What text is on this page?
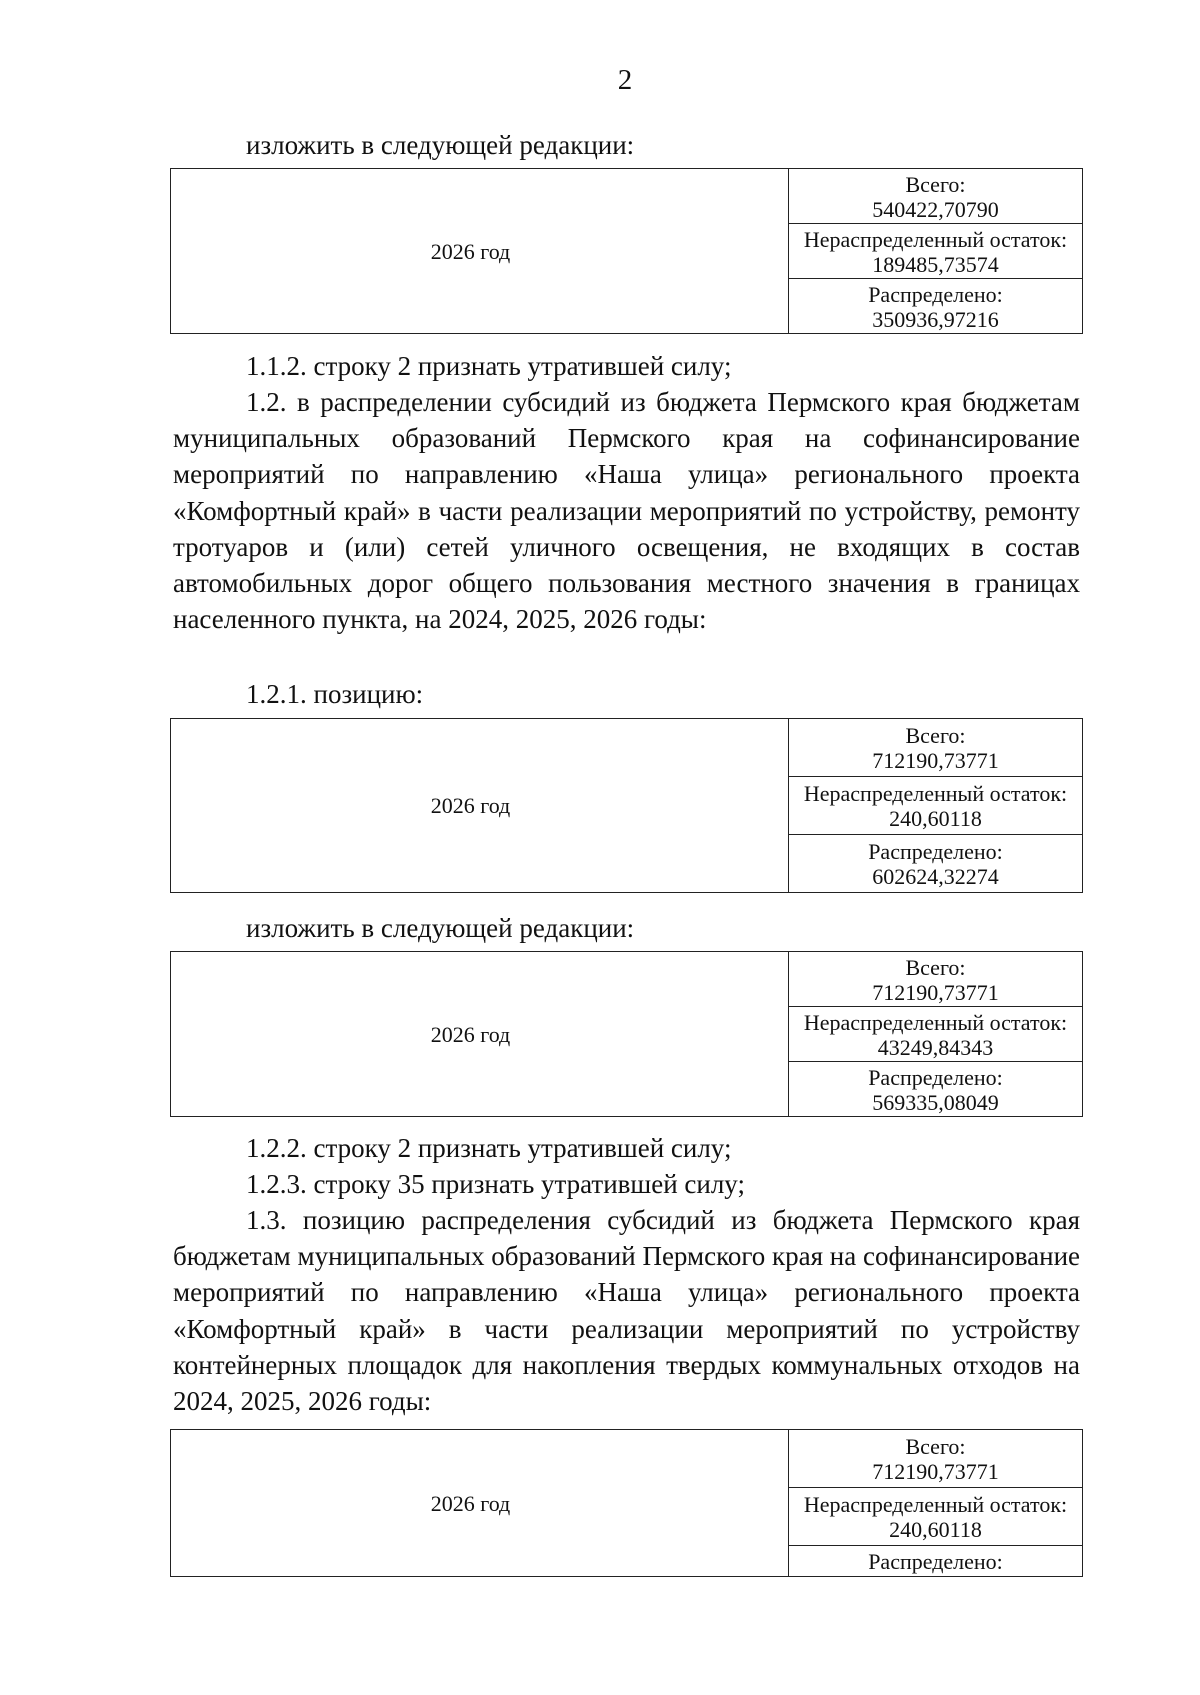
2

изложить в следующей редакции:

2026 год	
Всего:
540422,70790

Нераспределенный остаток:
189485,73574

Распределено:
350936,97216

1.1.2. строку 2 признать утратившей силу;

1.2. в распределении субсидий из бюджета Пермского края бюджетам муниципальных образований Пермского края на софинансирование мероприятий по направлению «Наша улица» регионального проекта «Комфортный край» в части реализации мероприятий по устройству, ремонту тротуаров и (или) сетей уличного освещения, не входящих в состав автомобильных дорог общего пользования местного значения в границах населенного пункта, на 2024, 2025, 2026 годы:

1.2.1. позицию:

2026 год	
Всего:
712190,73771

Нераспределенный остаток:
240,60118

Распределено:
602624,32274

изложить в следующей редакции:

2026 год	
Всего:
712190,73771

Нераспределенный остаток:
43249,84343

Распределено:
569335,08049

1.2.2. строку 2 признать утратившей силу;

1.2.3. строку 35 признать утратившей силу;

1.3. позицию распределения субсидий из бюджета Пермского края бюджетам муниципальных образований Пермского края на софинансирование мероприятий по направлению «Наша улица» регионального проекта «Комфортный край» в части реализации мероприятий по устройству контейнерных площадок для накопления твердых коммунальных отходов на 2024, 2025, 2026 годы:

2026 год	
Всего:
712190,73771

Нераспределенный остаток:
240,60118

Распределено:
